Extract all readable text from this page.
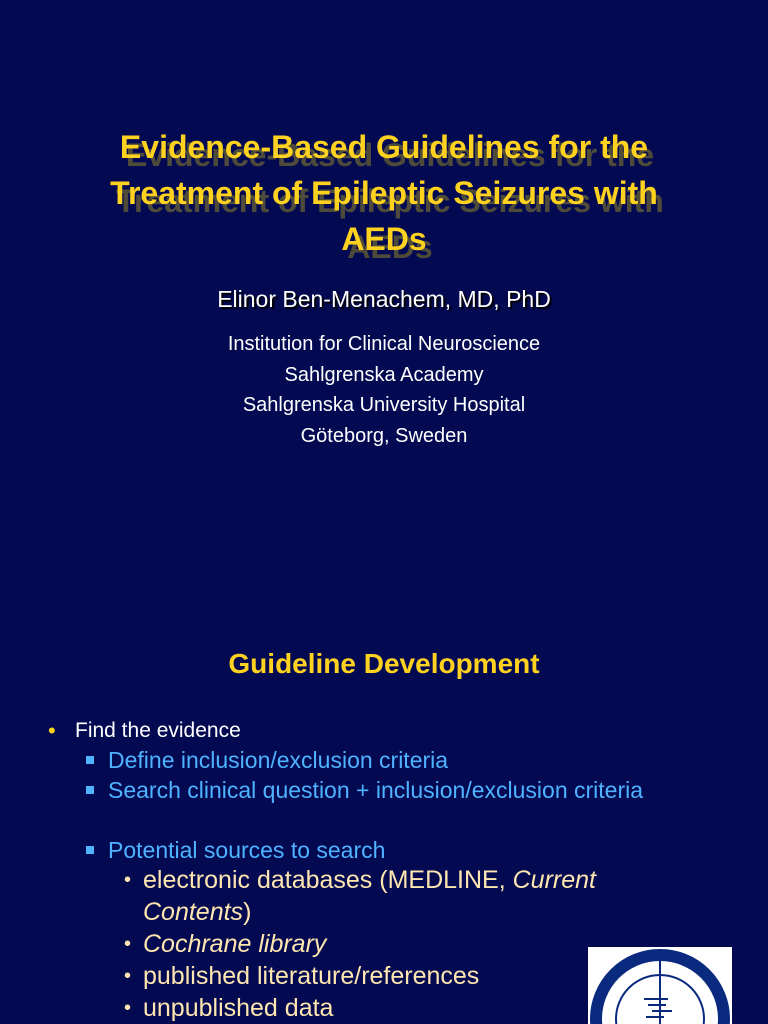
Evidence-Based Guidelines for the
Treatment of Epileptic Seizures with
AEDs
Elinor Ben-Menachem, MD, PhD
Institution for Clinical Neuroscience
Sahlgrenska Academy
Sahlgrenska University Hospital
Göteborg, Sweden
Guideline Development
• Find the evidence
Define inclusion/exclusion criteria
Search clinical question + inclusion/exclusion criteria
Potential sources to search
• electronic databases (MEDLINE, Current Contents)
• Cochrane library
• published literature/references
• unpublished data
